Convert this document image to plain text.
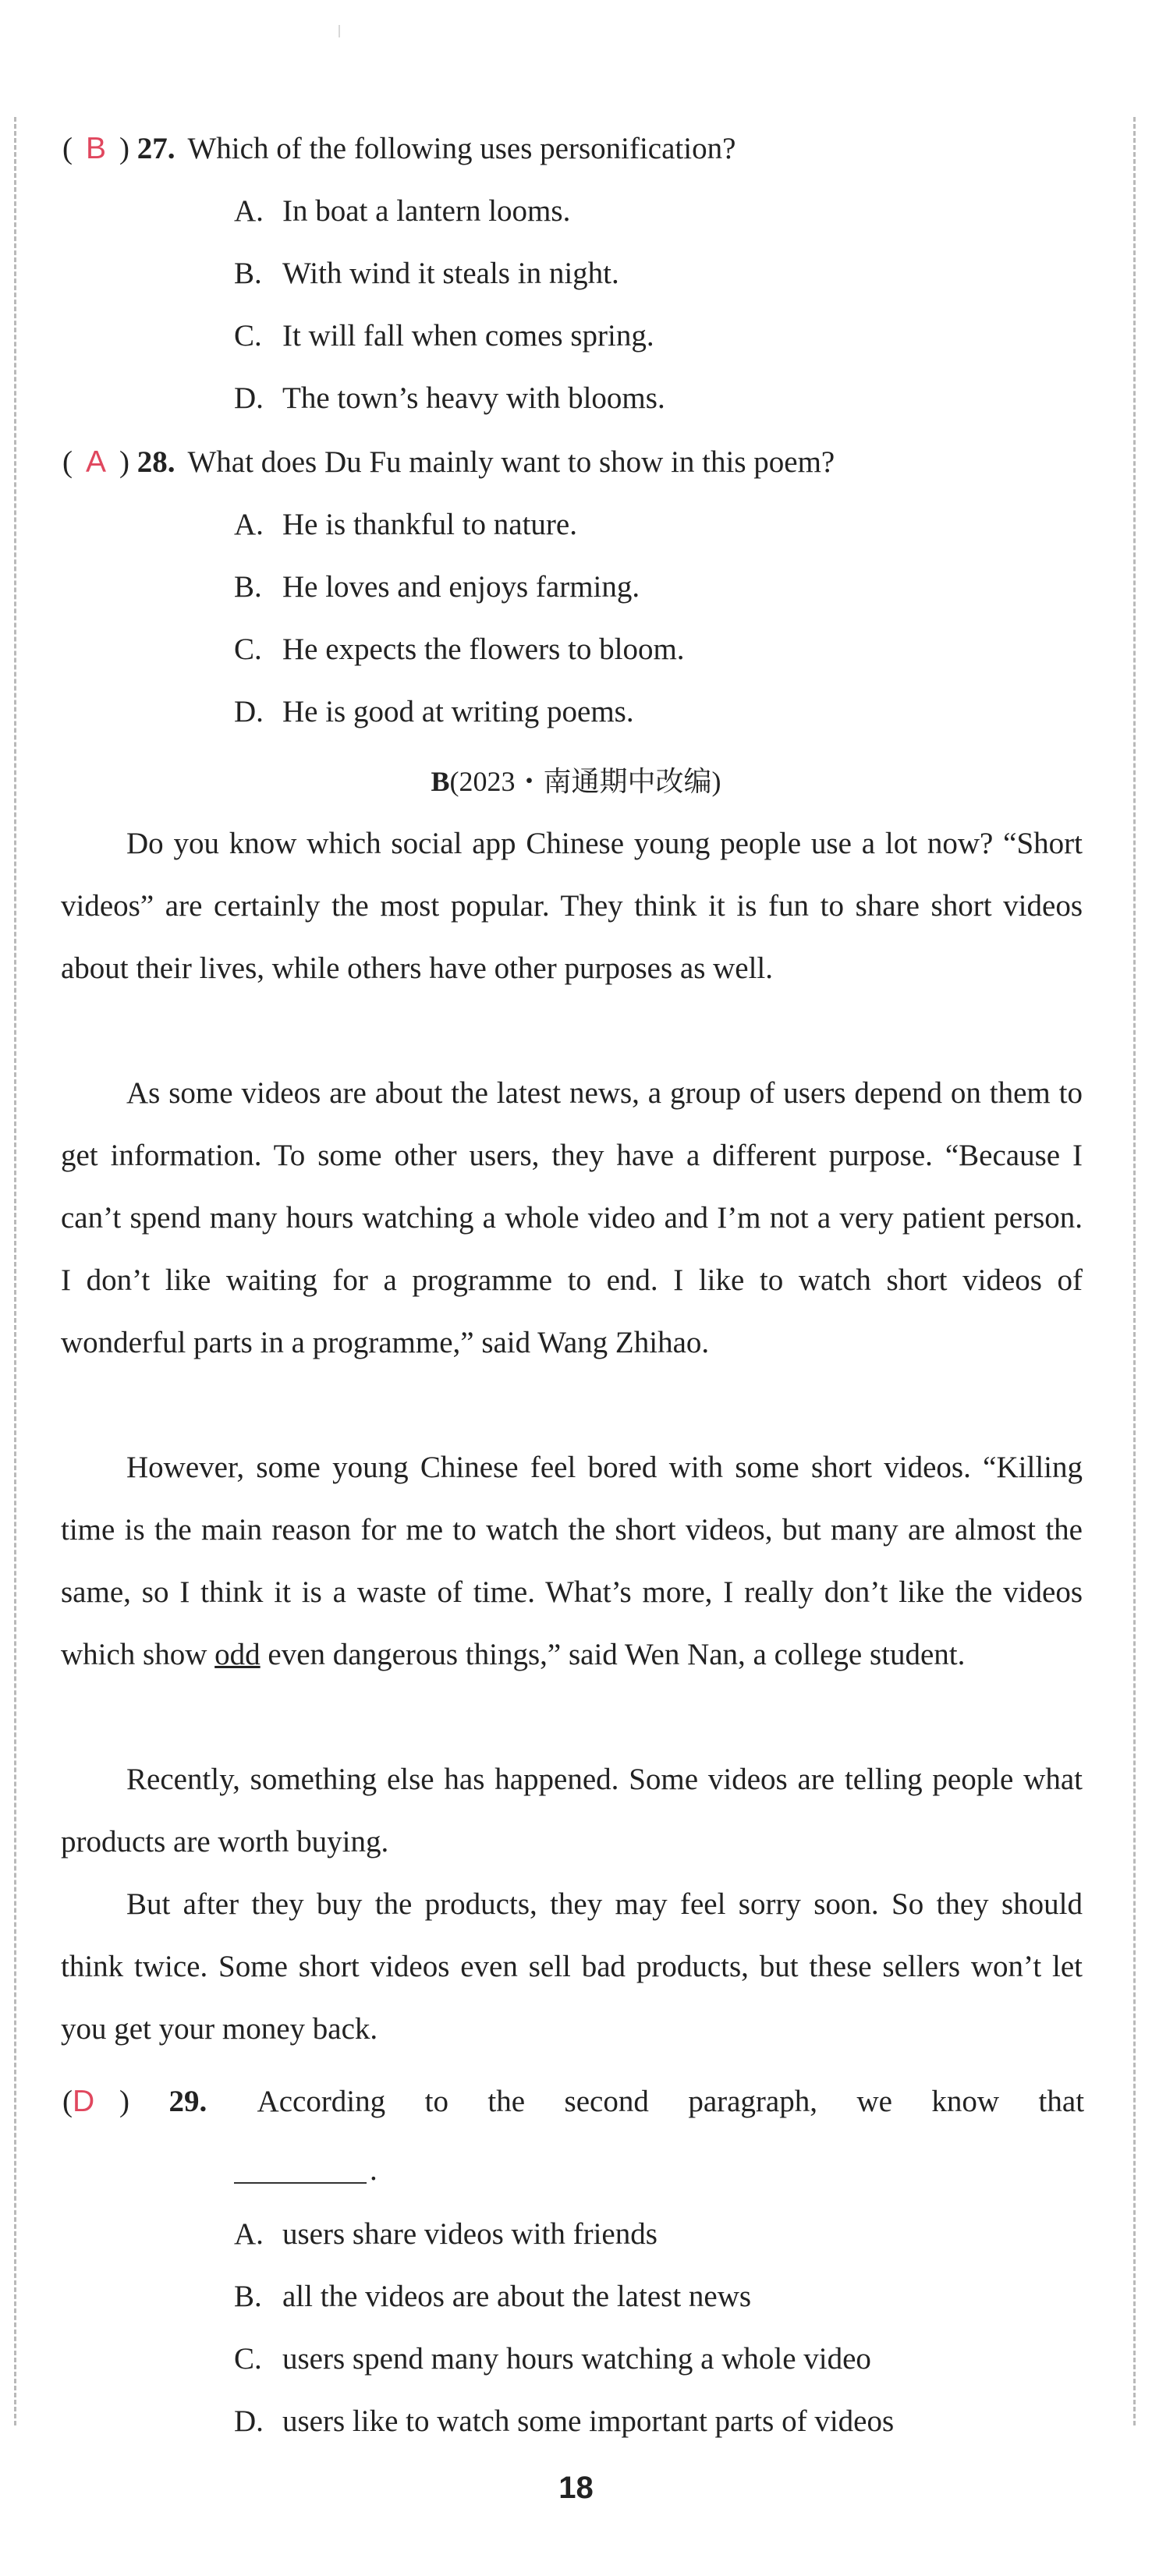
( B ) 27. Which of the following uses personification?
A. In boat a lantern looms.
B. With wind it steals in night.
C. It will fall when comes spring.
D. The town’s heavy with blooms.
( A ) 28. What does Du Fu mainly want to show in this poem?
A. He is thankful to nature.
B. He loves and enjoys farming.
C. He expects the flowers to bloom.
D. He is good at writing poems.
B(2023・南通期中改编)
Do you know which social app Chinese young people use a lot now? “Short videos” are certainly the most popular. They think it is fun to share short videos about their lives, while others have other purposes as well.
As some videos are about the latest news, a group of users depend on them to get information. To some other users, they have a different purpose. “Because I can’t spend many hours watching a whole video and I’m not a very patient person. I don’t like waiting for a programme to end. I like to watch short videos of wonderful parts in a programme,” said Wang Zhihao.
However, some young Chinese feel bored with some short videos. “Killing time is the main reason for me to watch the short videos, but many are almost the same, so I think it is a waste of time. What’s more, I really don’t like the videos which show odd even dangerous things,” said Wen Nan, a college student.
Recently, something else has happened. Some videos are telling people what products are worth buying.
But after they buy the products, they may feel sorry soon. So they should think twice. Some short videos even sell bad products, but these sellers won’t let you get your money back.
(D ) 29. According to the second paragraph, we know that
.
A. users share videos with friends
B. all the videos are about the latest news
C. users spend many hours watching a whole video
D. users like to watch some important parts of videos
18
